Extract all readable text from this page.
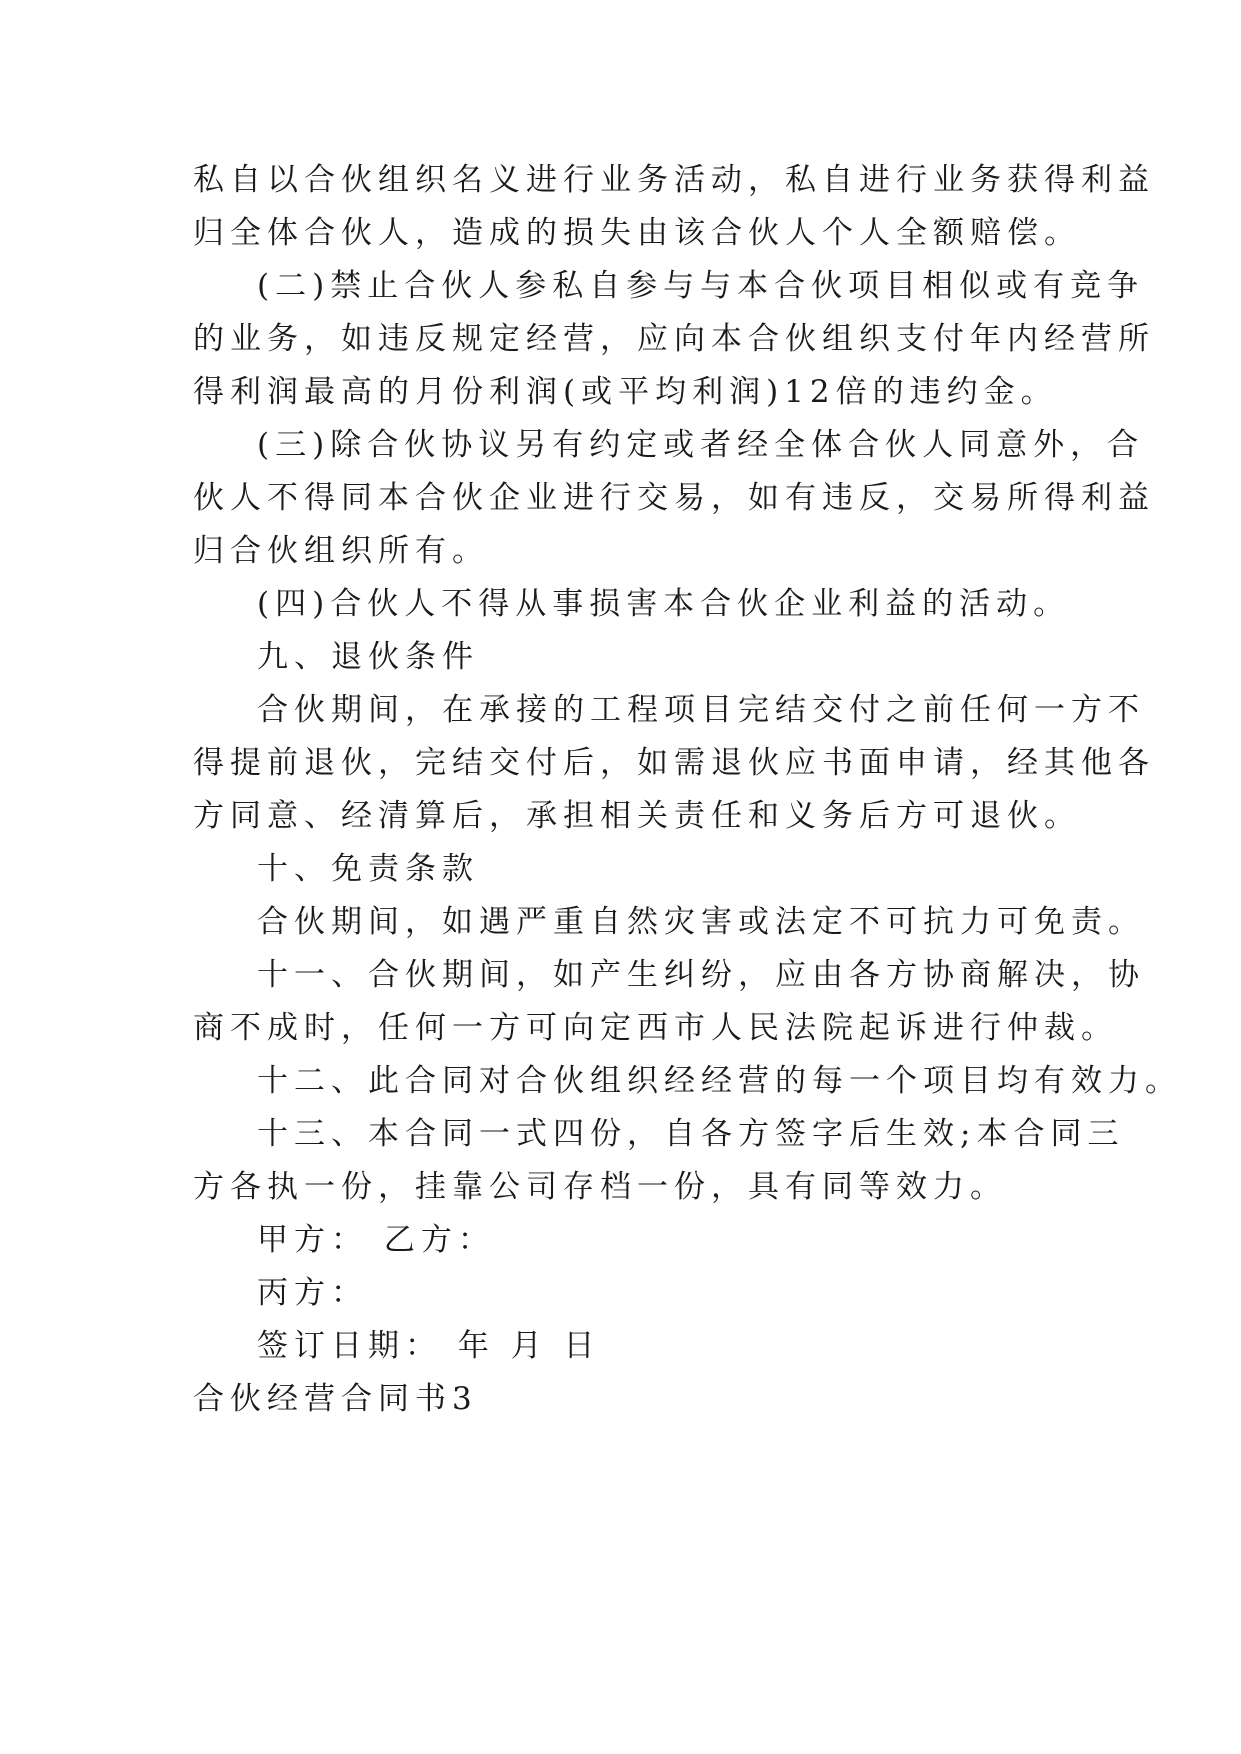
私自以合伙组织名义进行业务活动，私自进行业务获得利益
归全体合伙人，造成的损失由该合伙人个人全额赔偿。
(二)禁止合伙人参私自参与与本合伙项目相似或有竞争
的业务，如违反规定经营，应向本合伙组织支付年内经营所
得利润最高的月份利润(或平均利润)12倍的违约金。
(三)除合伙协议另有约定或者经全体合伙人同意外，合
伙人不得同本合伙企业进行交易，如有违反，交易所得利益
归合伙组织所有。
(四)合伙人不得从事损害本合伙企业利益的活动。
九、退伙条件
合伙期间，在承接的工程项目完结交付之前任何一方不
得提前退伙，完结交付后，如需退伙应书面申请，经其他各
方同意、经清算后，承担相关责任和义务后方可退伙。
十、免责条款
合伙期间，如遇严重自然灾害或法定不可抗力可免责。
十一、合伙期间，如产生纠纷，应由各方协商解决，协
商不成时，任何一方可向定西市人民法院起诉进行仲裁。
十二、此合同对合伙组织经经营的每一个项目均有效力。
十三、本合同一式四份，自各方签字后生效;本合同三
方各执一份，挂靠公司存档一份，具有同等效力。
甲方： 乙方：
丙方：
签订日期： 年 月 日
合伙经营合同书3
